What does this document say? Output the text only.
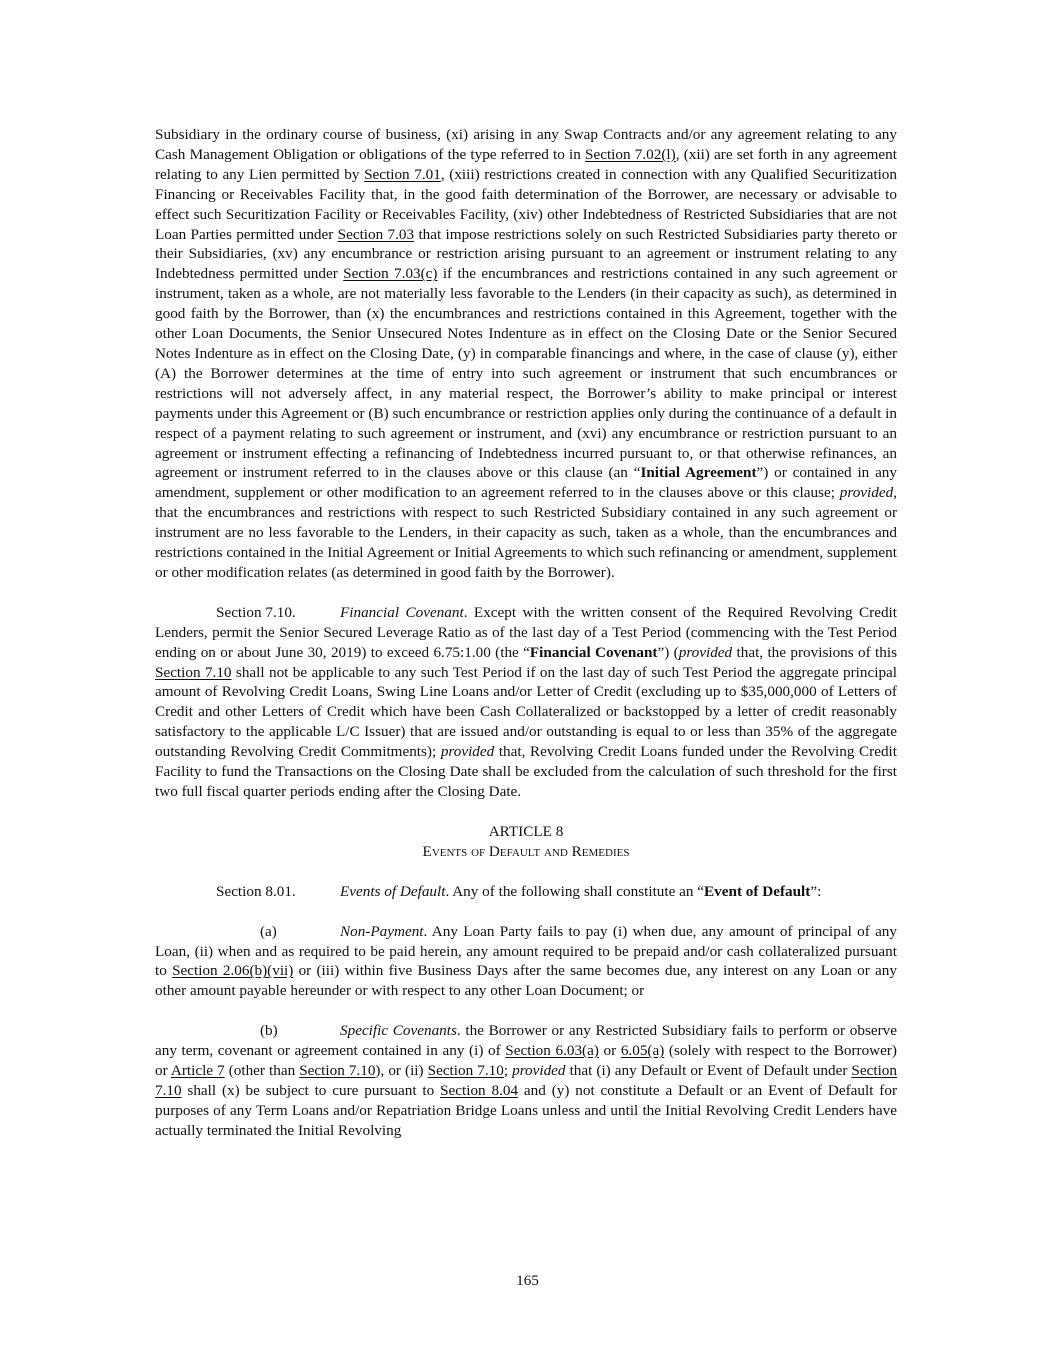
Subsidiary in the ordinary course of business, (xi) arising in any Swap Contracts and/or any agreement relating to any Cash Management Obligation or obligations of the type referred to in Section 7.02(l), (xii) are set forth in any agreement relating to any Lien permitted by Section 7.01, (xiii) restrictions created in connection with any Qualified Securitization Financing or Receivables Facility that, in the good faith determination of the Borrower, are necessary or advisable to effect such Securitization Facility or Receivables Facility, (xiv) other Indebtedness of Restricted Subsidiaries that are not Loan Parties permitted under Section 7.03 that impose restrictions solely on such Restricted Subsidiaries party thereto or their Subsidiaries, (xv) any encumbrance or restriction arising pursuant to an agreement or instrument relating to any Indebtedness permitted under Section 7.03(c) if the encumbrances and restrictions contained in any such agreement or instrument, taken as a whole, are not materially less favorable to the Lenders (in their capacity as such), as determined in good faith by the Borrower, than (x) the encumbrances and restrictions contained in this Agreement, together with the other Loan Documents, the Senior Unsecured Notes Indenture as in effect on the Closing Date or the Senior Secured Notes Indenture as in effect on the Closing Date, (y) in comparable financings and where, in the case of clause (y), either (A) the Borrower determines at the time of entry into such agreement or instrument that such encumbrances or restrictions will not adversely affect, in any material respect, the Borrower’s ability to make principal or interest payments under this Agreement or (B) such encumbrance or restriction applies only during the continuance of a default in respect of a payment relating to such agreement or instrument, and (xvi) any encumbrance or restriction pursuant to an agreement or instrument effecting a refinancing of Indebtedness incurred pursuant to, or that otherwise refinances, an agreement or instrument referred to in the clauses above or this clause (an “Initial Agreement”) or contained in any amendment, supplement or other modification to an agreement referred to in the clauses above or this clause; provided, that the encumbrances and restrictions with respect to such Restricted Subsidiary contained in any such agreement or instrument are no less favorable to the Lenders, in their capacity as such, taken as a whole, than the encumbrances and restrictions contained in the Initial Agreement or Initial Agreements to which such refinancing or amendment, supplement or other modification relates (as determined in good faith by the Borrower).

Section 7.10.	Financial Covenant. Except with the written consent of the Required Revolving Credit Lenders, permit the Senior Secured Leverage Ratio as of the last day of a Test Period (commencing with the Test Period ending on or about June 30, 2019) to exceed 6.75:1.00 (the “Financial Covenant”) (provided that, the provisions of this Section 7.10 shall not be applicable to any such Test Period if on the last day of such Test Period the aggregate principal amount of Revolving Credit Loans, Swing Line Loans and/or Letter of Credit (excluding up to $35,000,000 of Letters of Credit and other Letters of Credit which have been Cash Collateralized or backstopped by a letter of credit reasonably satisfactory to the applicable L/C Issuer) that are issued and/or outstanding is equal to or less than 35% of the aggregate outstanding Revolving Credit Commitments); provided that, Revolving Credit Loans funded under the Revolving Credit Facility to fund the Transactions on the Closing Date shall be excluded from the calculation of such threshold for the first two full fiscal quarter periods ending after the Closing Date.

ARTICLE 8

Events of Default and Remedies

Section 8.01.	Events of Default. Any of the following shall constitute an “Event of Default”:

(a)	Non-Payment. Any Loan Party fails to pay (i) when due, any amount of principal of any Loan, (ii) when and as required to be paid herein, any amount required to be prepaid and/or cash collateralized pursuant to Section 2.06(b)(vii) or (iii) within five Business Days after the same becomes due, any interest on any Loan or any other amount payable hereunder or with respect to any other Loan Document; or

(b)	Specific Covenants. the Borrower or any Restricted Subsidiary fails to perform or observe any term, covenant or agreement contained in any (i) of Section 6.03(a) or 6.05(a) (solely with respect to the Borrower) or Article 7 (other than Section 7.10), or (ii) Section 7.10; provided that (i) any Default or Event of Default under Section 7.10 shall (x) be subject to cure pursuant to Section 8.04 and (y) not constitute a Default or an Event of Default for purposes of any Term Loans and/or Repatriation Bridge Loans unless and until the Initial Revolving Credit Lenders have actually terminated the Initial Revolving

165
